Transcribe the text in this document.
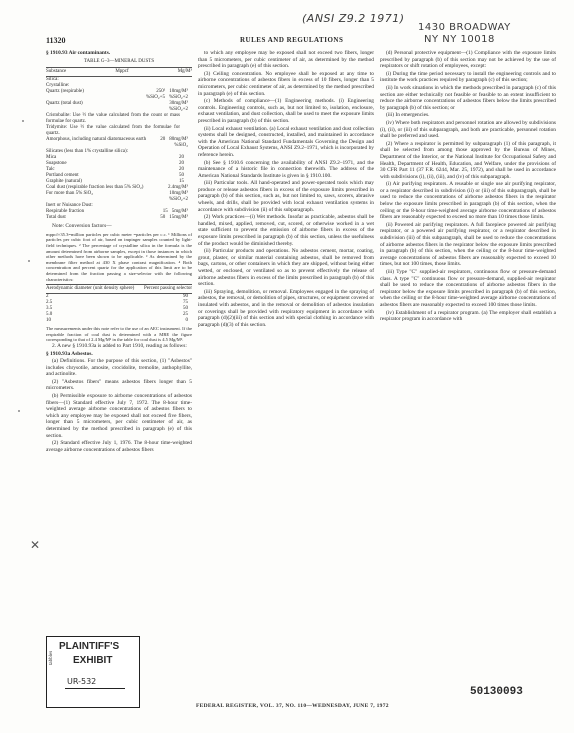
(ANSI Z9.2 1971)
1430 BROADWAY
NY NY 10018
11320	RULES AND REGULATIONS

§ 1910.93 Air contaminants.

TABLE G–3—MINERAL DUSTS
Substance	Mppcf	Mg/M³
Silica:
Crystalline:
Quartz (respirable)	250¹ 10mg/M³
%SiO₂+5 %SiO₂+2
Quartz (total dust)	30mg/M³
%SiO₂+2
Cristobalite: Use ½ the value calculated from the count or mass formulae for quartz.
Tridymite: Use ½ the value calculated from the formulae for quartz.
Amorphous, including natural diatomaceous earth	20 80mg/M³
%SiO₂
Silicates (less than 1% crystalline silica):
Mica	20
Soapstone	20
Talc	20
Portland cement	50
Graphite (natural)	15
Coal dust (respirable fraction less than 5% SiO₂)	2.4mg/M³
For more than 5% SiO₂	10mg/M³
%SiO₂+2
Inert or Nuisance Dust:
Respirable fraction	15 5mg/M³
Total dust	50 15mg/M³

Note: Conversion factors—

mppcf×35.3=million particles per cubic meter =particles per c.c. ¹ Millions of particles per cubic foot of air, based on impinger samples counted by light-field techniques. ² The percentage of crystalline silica in the formula is the amount determined from airborne samples, except in those instances in which other methods have been shown to be applicable. ³ As determined by the membrane filter method at 430 X phase contrast magnification. ⁴ Both concentration and percent quartz for the application of this limit are to be determined from the fraction passing a size-selector with the following characteristics:
Aerodynamic diameter (unit density sphere) Percent passing selector
2	90
2.5	75
3.5	50
5.0	25
10	0
The measurements under this note refer to the use of an AEC instrument. If the respirable fraction of coal dust is determined with a MRE the figure corresponding to that of 2.4 Mg/M³ in the table for coal dust is 4.5 Mg/M³.

2. A new § 1910.93a is added to Part 1910, reading as follows:

§ 1910.93a Asbestos.

(a) Definitions. For the purpose of this section, (1) "Asbestos" includes chrysotile, amosite, crocidolite, tremolite, anthophyllite, and actinolite.

(2) "Asbestos fibers" means asbestos fibers longer than 5 micrometers.

(b) Permissible exposure to airborne concentrations of asbestos fibers—(1) Standard effective July 7, 1972. The 8-hour time-weighted average airborne concentrations of asbestos fibers to which any employee may be exposed shall not exceed five fibers, longer than 5 micrometers, per cubic centimeter of air, as determined by the method prescribed in paragraph (e) of this section.

(2) Standard effective July 1, 1976. The 8-hour time-weighted average airborne concentrations of asbestos fibers

to which any employee may be exposed shall not exceed two fibers, longer than 5 micrometers, per cubic centimeter of air, as determined by the method prescribed in paragraph (e) of this section.

(3) Ceiling concentration. No employee shall be exposed at any time to airborne concentrations of asbestos fibers in excess of 10 fibers, longer than 5 micrometers, per cubic centimeter of air, as determined by the method prescribed in paragraph (e) of this section.

(c) Methods of compliance—(1) Engineering methods. (i) Engineering controls. Engineering controls, such as, but not limited to, isolation, enclosure, exhaust ventilation, and dust collection, shall be used to meet the exposure limits prescribed in paragraph (b) of this section.

(ii) Local exhaust ventilation. (a) Local exhaust ventilation and dust collection systems shall be designed, constructed, installed, and maintained in accordance with the American National Standard Fundamentals Governing the Design and Operation of Local Exhaust Systems, ANSI Z9.2–1971, which is incorporated by reference herein.

(b) See § 1910.6 concerning the availability of ANSI Z9.2–1971, and the maintenance of a historic file in connection therewith. The address of the American National Standards Institute is given in § 1910.100.

(iii) Particular tools. All hand-operated and power-operated tools which may produce or release asbestos fibers in excess of the exposure limits prescribed in paragraph (b) of this section, such as, but not limited to, saws, scorers, abrasive wheels, and drills, shall be provided with local exhaust ventilation systems in accordance with subdivision (ii) of this subparagraph.

(2) Work practices—(i) Wet methods. Insofar as practicable, asbestos shall be handled, mixed, applied, removed, cut, scored, or otherwise worked in a wet state sufficient to prevent the emission of airborne fibers in excess of the exposure limits prescribed in paragraph (b) of this section, unless the usefulness of the product would be diminished thereby.

(ii) Particular products and operations. No asbestos cement, mortar, coating, grout, plaster, or similar material containing asbestos, shall be removed from bags, cartons, or other containers in which they are shipped, without being either wetted, or enclosed, or ventilated so as to prevent effectively the release of airborne asbestos fibers in excess of the limits prescribed in paragraph (b) of this section.

(iii) Spraying, demolition, or removal. Employees engaged in the spraying of asbestos, the removal, or demolition of pipes, structures, or equipment covered or insulated with asbestos, and in the removal or demolition of asbestos insulation or coverings shall be provided with respiratory equipment in accordance with paragraph (d)(2)(iii) of this section and with special clothing in accordance with paragraph (d)(3) of this section.

(d) Personal protective equipment—(1) Compliance with the exposure limits prescribed by paragraph (b) of this section may not be achieved by the use of respirators or shift rotation of employees, except:

(i) During the time period necessary to install the engineering controls and to institute the work practices required by paragraph (c) of this section;

(ii) In work situations in which the methods prescribed in paragraph (c) of this section are either technically not feasible or feasible to an extent insufficient to reduce the airborne concentrations of asbestos fibers below the limits prescribed by paragraph (b) of this section; or

(iii) In emergencies.

(iv) Where both respirators and personnel rotation are allowed by subdivisions (i), (ii), or (iii) of this subparagraph, and both are practicable, personnel rotation shall be preferred and used.

(2) Where a respirator is permitted by subparagraph (1) of this paragraph, it shall be selected from among those approved by the Bureau of Mines, Department of the Interior, or the National Institute for Occupational Safety and Health, Department of Health, Education, and Welfare, under the provisions of 30 CFR Part 11 (37 F.R. 6244, Mar. 25, 1972), and shall be used in accordance with subdivisions (i), (ii), (iii), and (iv) of this subparagraph.

(i) Air purifying respirators. A reusable or single use air purifying respirator, or a respirator described in subdivision (ii) or (iii) of this subparagraph, shall be used to reduce the concentrations of airborne asbestos fibers in the respirator below the exposure limits prescribed in paragraph (b) of this section, when the ceiling or the 8-hour time-weighted average airborne concentrations of asbestos fibers are reasonably expected to exceed no more than 10 times those limits.

(ii) Powered air purifying respirators. A full facepiece powered air purifying respirator, or a powered air purifying respirator, or a respirator described in subdivision (iii) of this subparagraph, shall be used to reduce the concentrations of airborne asbestos fibers in the respirator below the exposure limits prescribed in paragraph (b) of this section, when the ceiling or the 8-hour time-weighted average concentrations of asbestos fibers are reasonably expected to exceed 10 times, but not 100 times, those limits.

(iii) Type "C" supplied-air respirators, continuous flow or pressure-demand class. A type "C" continuous flow or pressure-demand, supplied-air respirator shall be used to reduce the concentrations of airborne asbestos fibers in the respirator below the exposure limits prescribed in paragraph (b) of this section, when the ceiling or the 8-hour time-weighted average airborne concentrations of asbestos fibers are reasonably expected to exceed 100 times those limits.

(iv) Establishment of a respirator program. (a) The employer shall establish a respirator program in accordance with

✕
tabbles
PLAINTIFF'S
EXHIBIT
UR-532
FEDERAL REGISTER, VOL. 37, NO. 110—WEDNESDAY, JUNE 7, 1972
50130093
